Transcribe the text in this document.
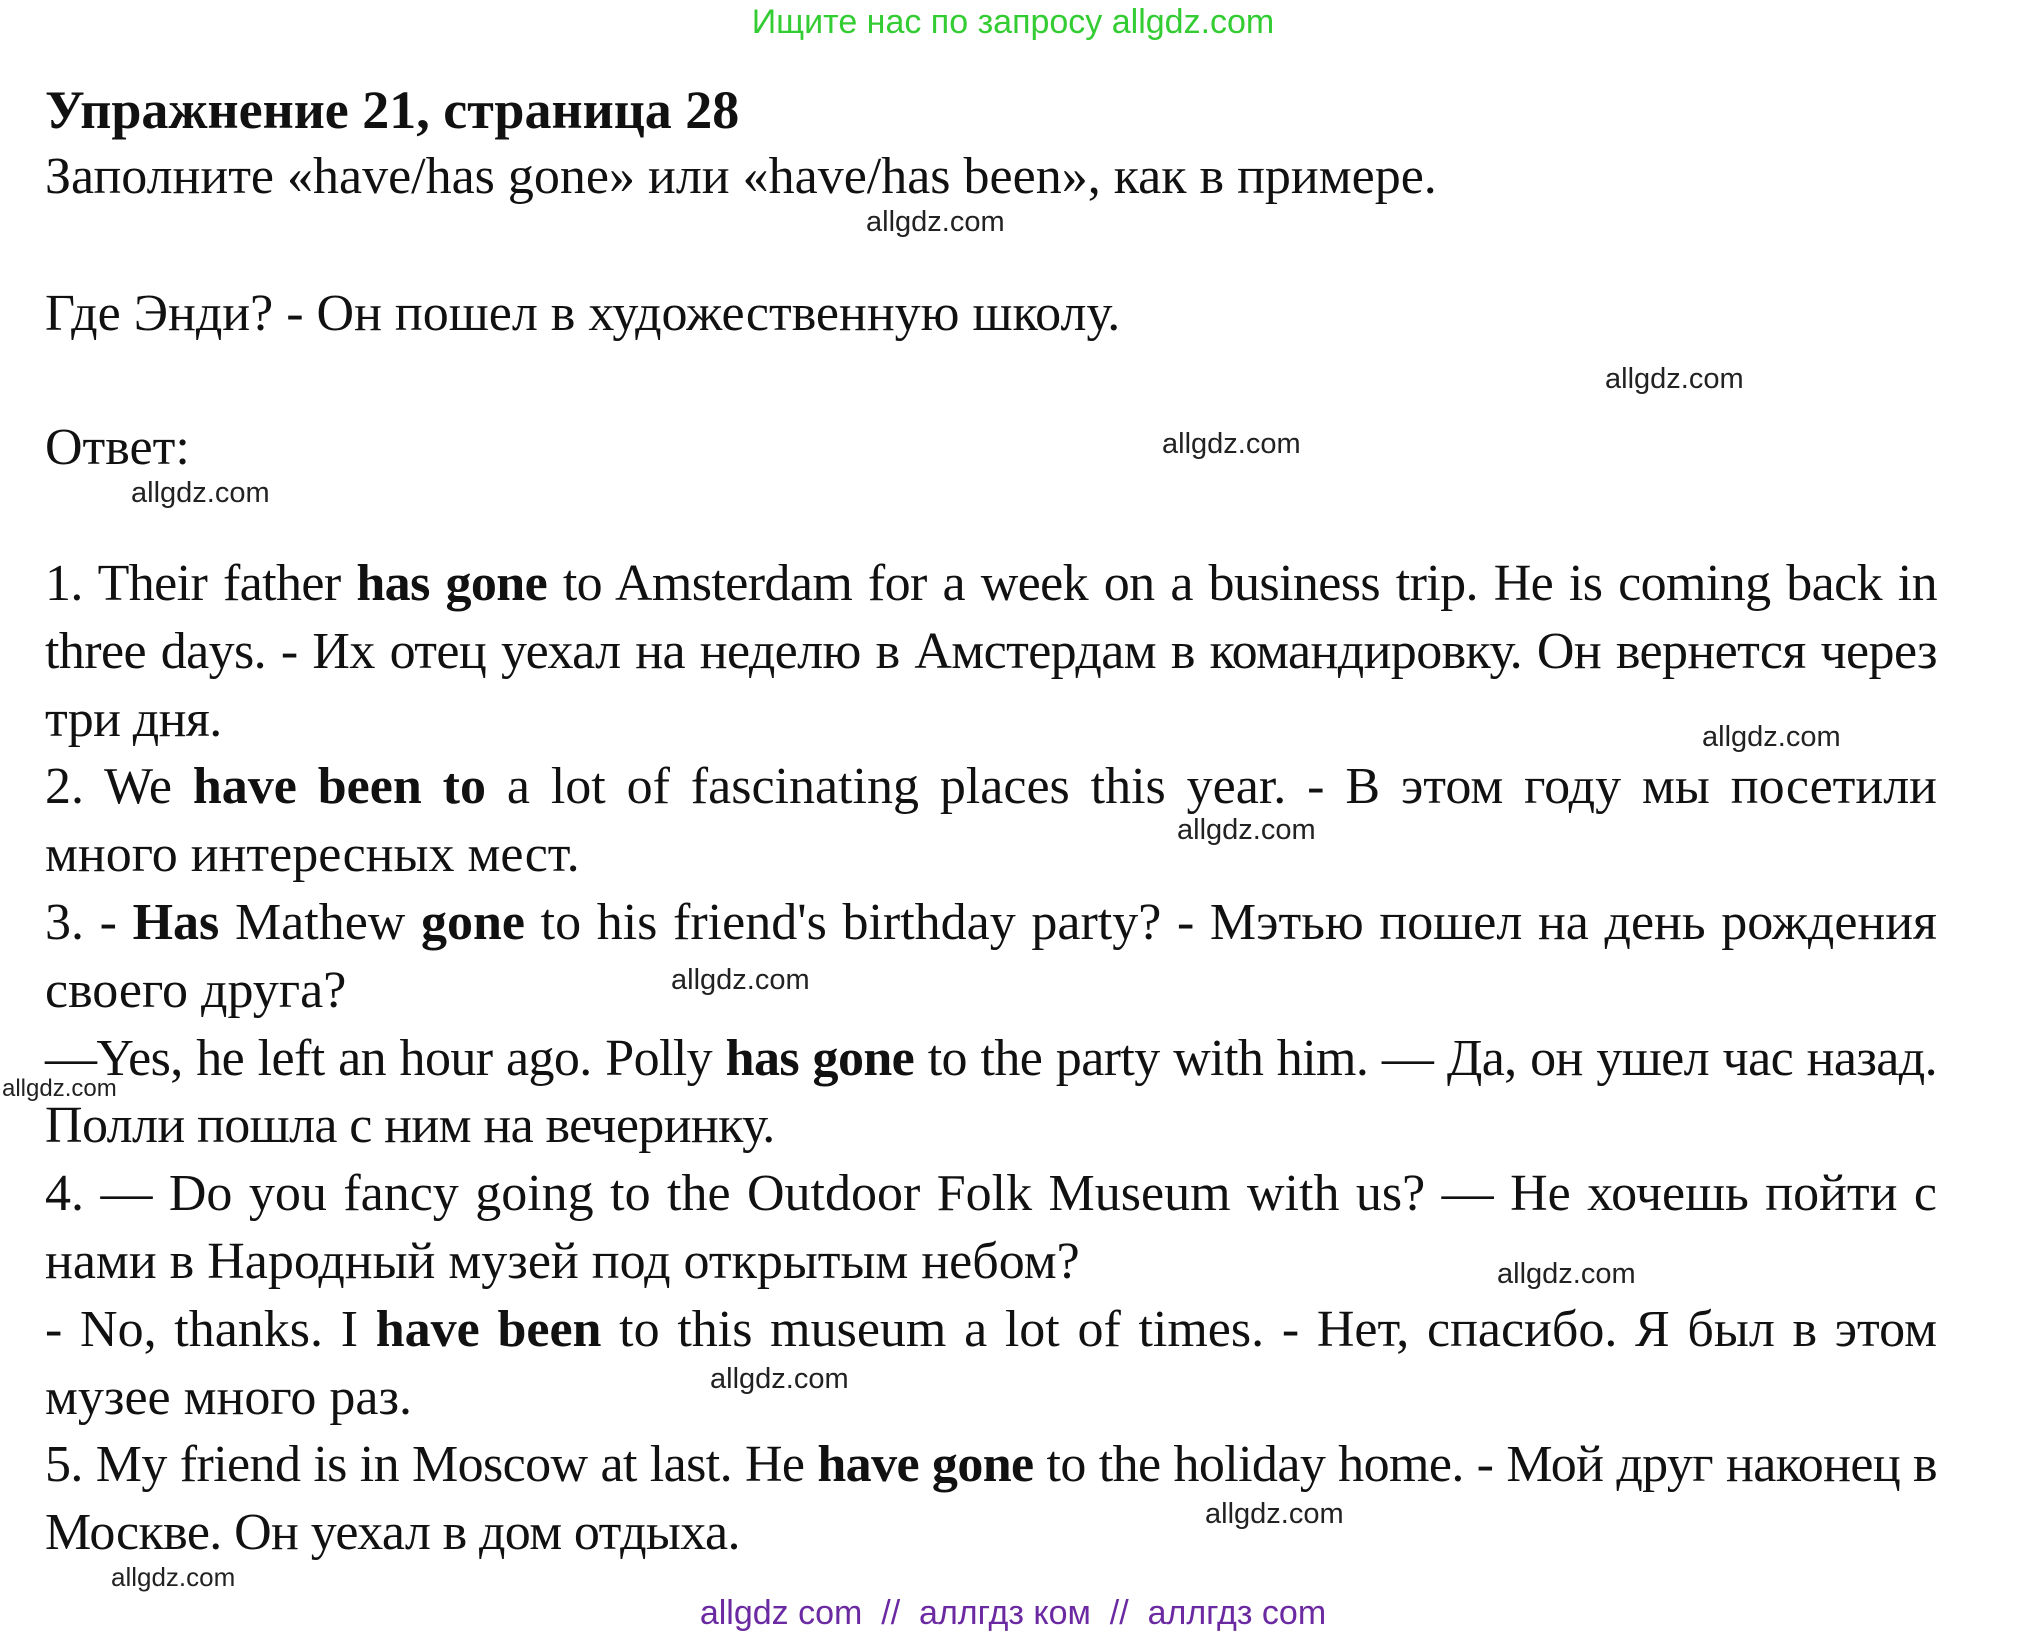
Ищите нас по запросу allgdz.com
Упражнение 21, страница 28
Заполните «have/has gone» или «have/has been», как в примере.
Где Энди? - Он пошел в художественную школу.
Ответ:

1. Their father has gone to Amsterdam for a week on a business trip. He is coming back in three days. - Их отец уехал на неделю в Амстердам в командировку. Он вернется через три дня.

2. We have been to a lot of fascinating places this year. - В этом году мы посетили много интересных мест.

3. - Has Mathew gone to his friend's birthday party? - Мэтью пошел на день рождения своего друга?

—Yes, he left an hour ago. Polly has gone to the party with him. — Да, он ушел час назад. Полли пошла с ним на вечеринку.

4. — Do you fancy going to the Outdoor Folk Museum with us? — Не хочешь пойти с нами в Народный музей под открытым небом?

- No, thanks. I have been to this museum a lot of times. - Нет, спасибо. Я был в этом музее много раз.

5. My friend is in Moscow at last. He have gone to the holiday home. - Мой друг наконец в Москве. Он уехал в дом отдыха.

allgdz.com
allgdz.com
allgdz.com
allgdz.com
allgdz.com
allgdz.com
allgdz.com
allgdz.com
allgdz.com
allgdz.com
allgdz.com
allgdz.com
allgdz com  //  аллгдз ком  //  аллгдз com
